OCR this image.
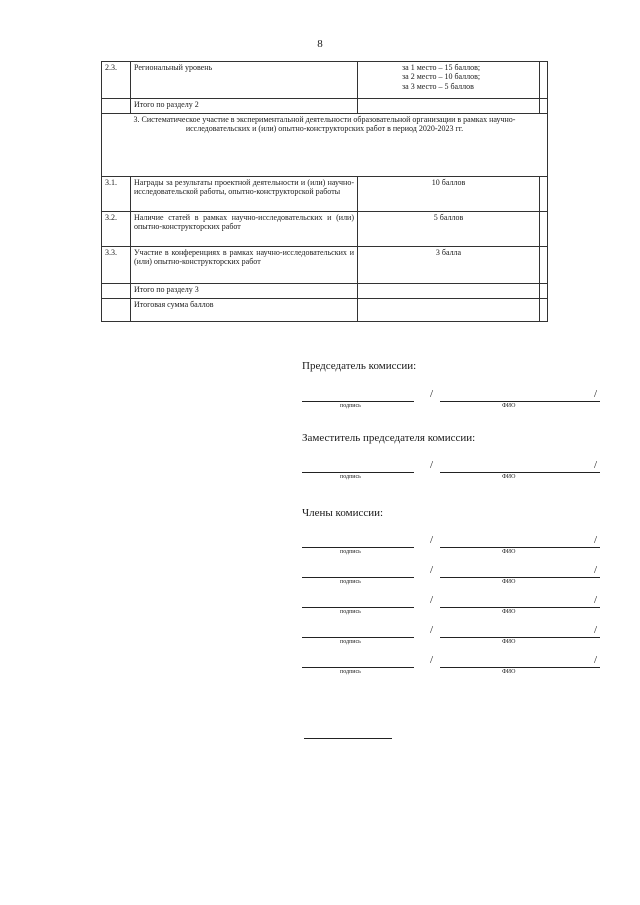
8
2.3.	Региональный уровень	за 1 место – 15 баллов;
за 2 место – 10 баллов;
за 3 место – 5 баллов	

	Итого по разделу 2		
3. Систематическое участие в экспериментальной деятельности образовательной организации в рамках научно-исследовательских и (или) опытно-конструкторских работ в период 2020-2023 гг.			
3.1.	Награды за результаты проектной деятельности и (или) научно-исследовательской работы, опытно-конструкторской работы	10 баллов	
3.2.	Наличие статей в рамках научно-исследовательских и (или) опытно-конструкторских работ	5 баллов	
3.3.	Участие в конференциях в рамках научно-исследовательских и (или) опытно-конструкторских работ	3 балла	
	Итого по разделу 3		
	Итоговая сумма баллов		
Председатель комиссии:
/	/
подпись	ФИО
Заместитель председателя комиссии:
/	/
подпись	ФИО
Члены комиссии:
/	/
подпись	ФИО
/	/
подпись	ФИО
/	/
подпись	ФИО
/	/
подпись	ФИО
/	/
подпись	ФИО
